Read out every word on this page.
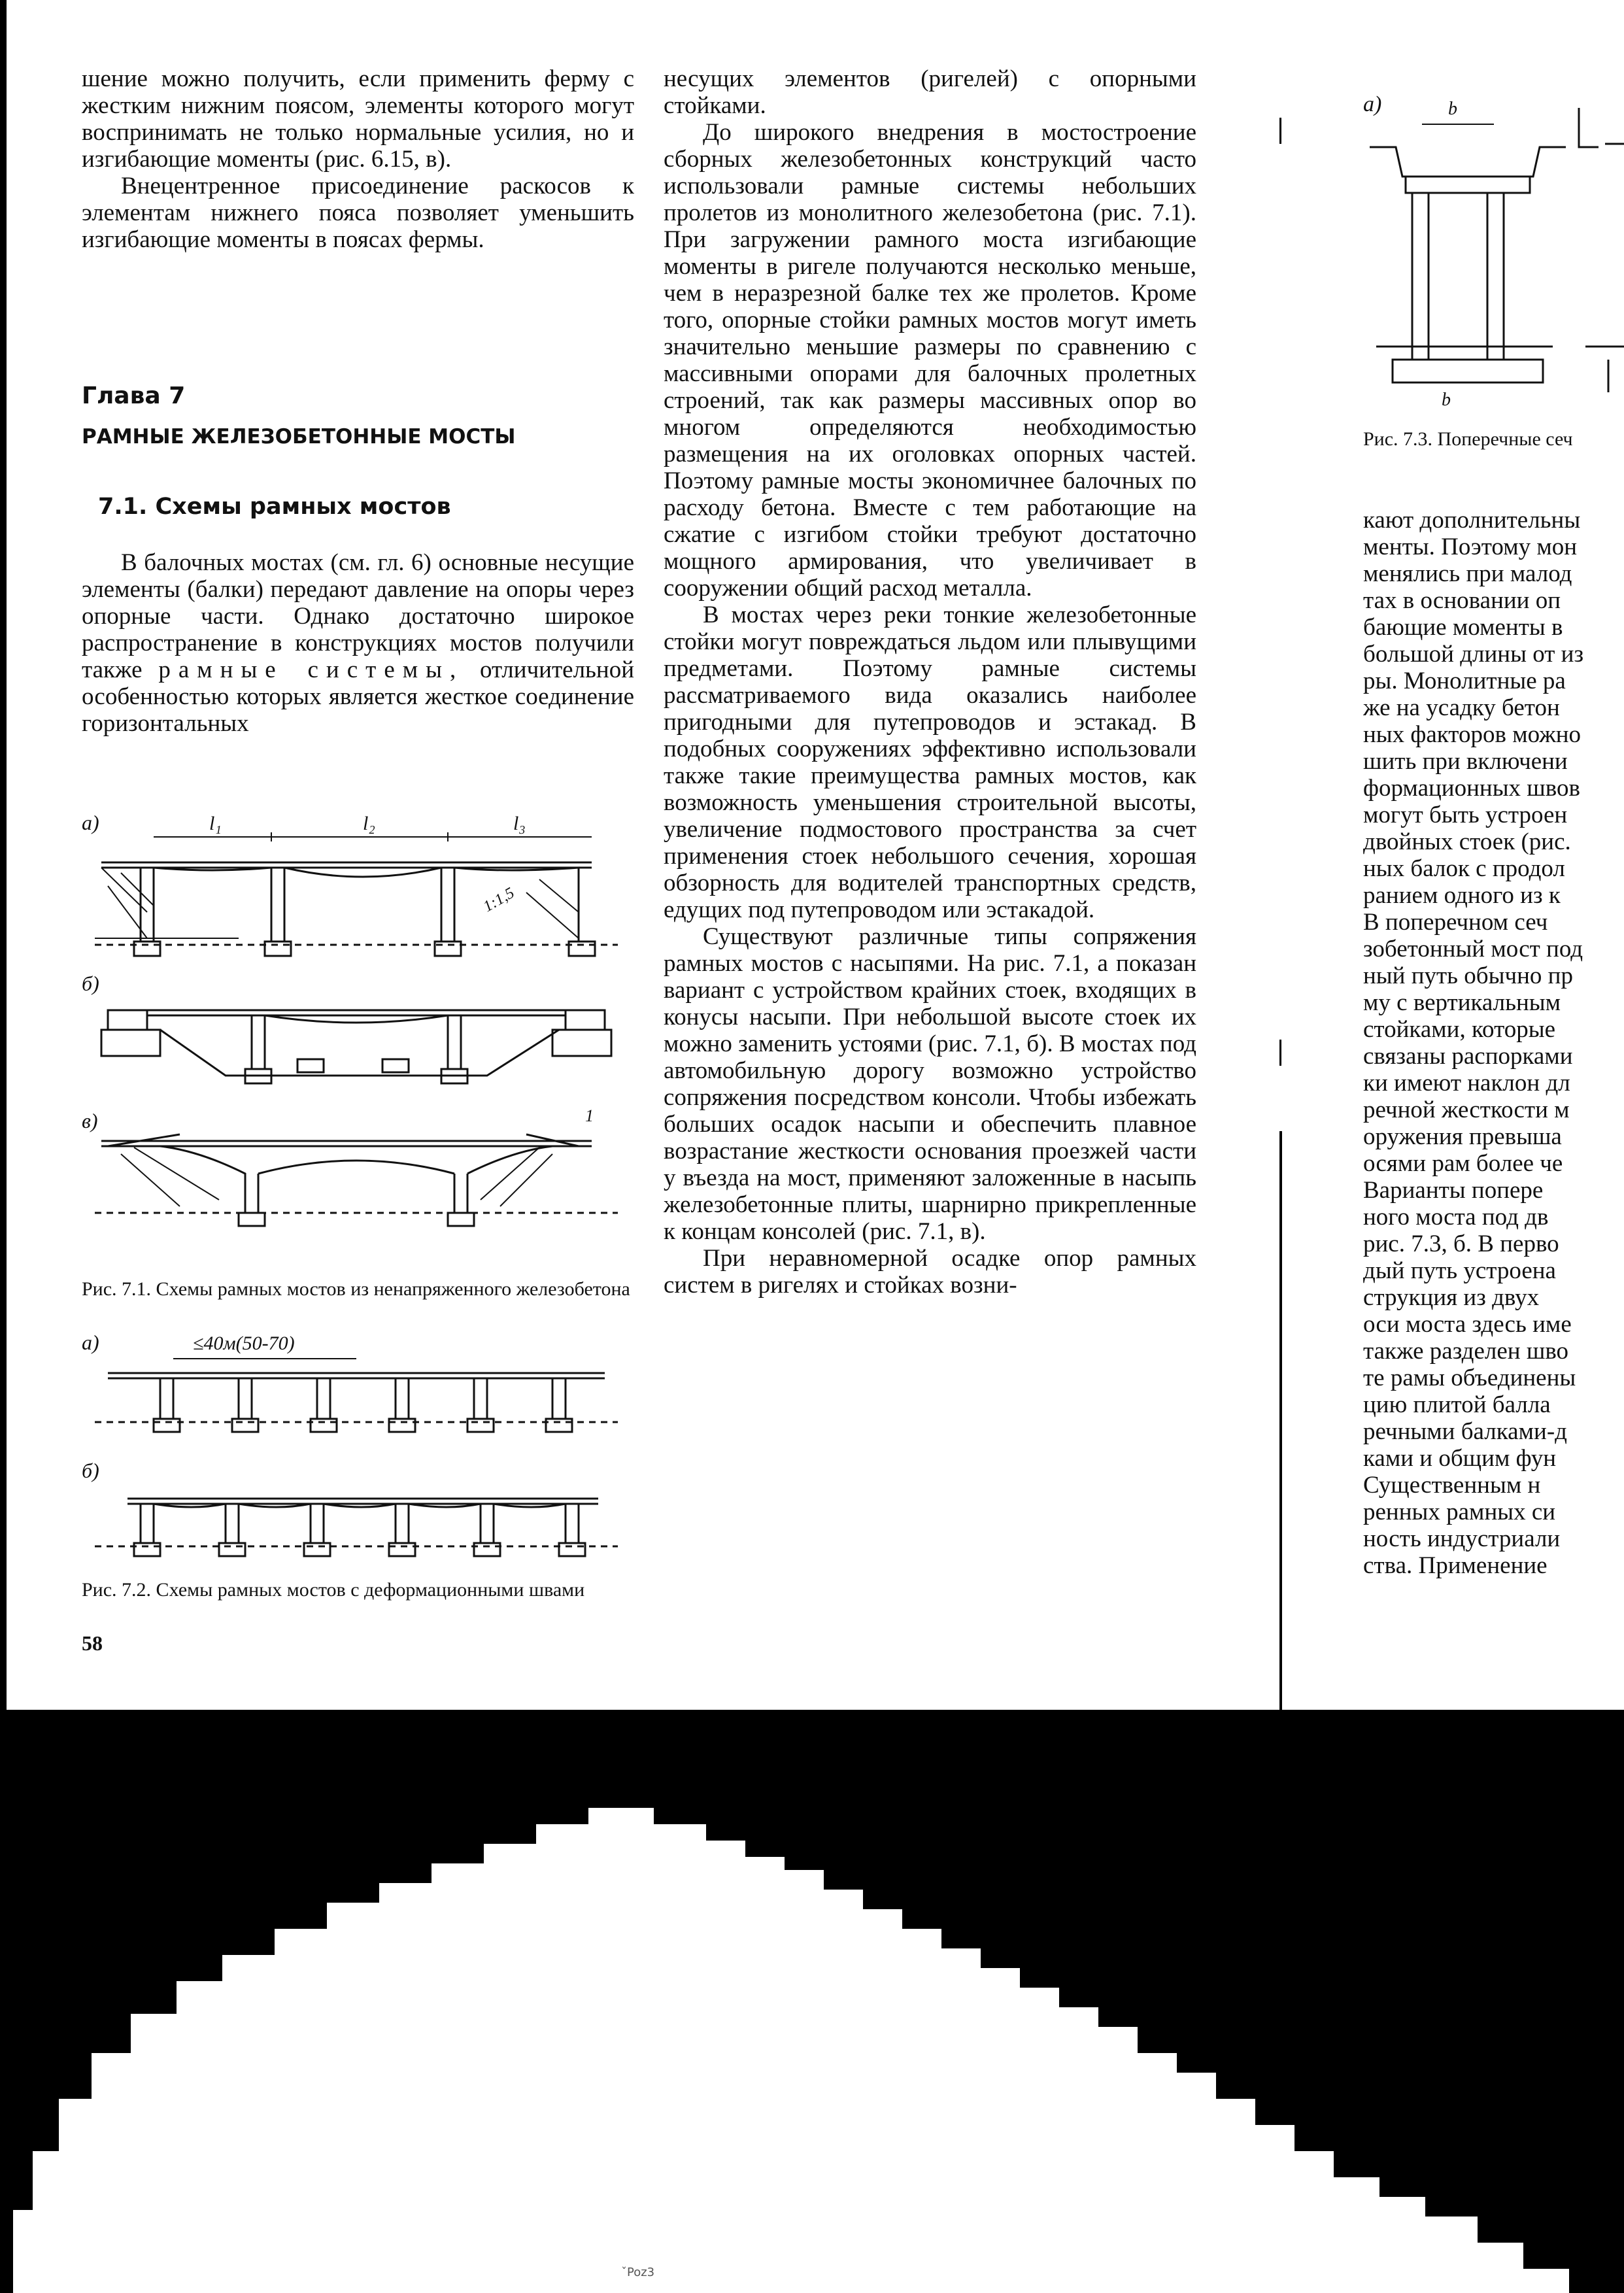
шение можно получить, если применить ферму с жестким нижним поясом, элементы которого могут воспринимать не только нормальные усилия, но и изгибающие моменты (рис. 6.15, в).

Внецентренное присоединение раскосов к элементам нижнего пояса позволяет уменьшить изгибающие моменты в поясах фермы.

Глава 7
РАМНЫЕ ЖЕЛЕЗОБЕТОННЫЕ МОСТЫ
7.1. Схемы рамных мостов

В балочных мостах (см. гл. 6) основные несущие элементы (балки) передают давление на опоры через опорные части. Однако достаточно широкое распространение в конструкциях мостов получили также рамные системы, отличительной особенностью которых является жесткое соединение горизонтальных

а)	l₁	l₂	l₃
1:1,5
б)
в)	1
Рис. 7.1. Схемы рамных мостов из ненапряженного железобетона
а)	≤40м(50-70)
б)
Рис. 7.2. Схемы рамных мостов с деформационными швами
58

несущих элементов (ригелей) с опорными стойками.

До широкого внедрения в мостостроение сборных железобетонных конструкций часто использовали рамные системы небольших пролетов из монолитного железобетона (рис. 7.1). При загружении рамного моста изгибающие моменты в ригеле получаются несколько меньше, чем в неразрезной балке тех же пролетов. Кроме того, опорные стойки рамных мостов могут иметь значительно меньшие размеры по сравнению с массивными опорами для балочных пролетных строений, так как размеры массивных опор во многом определяются необходимостью размещения на их оголовках опорных частей. Поэтому рамные мосты экономичнее балочных по расходу бетона. Вместе с тем работающие на сжатие с изгибом стойки требуют достаточно мощного армирования, что увеличивает в сооружении общий расход металла.

В мостах через реки тонкие железобетонные стойки могут повреждаться льдом или плывущими предметами. Поэтому рамные системы рассматриваемого вида оказались наиболее пригодными для путепроводов и эстакад. В подобных сооружениях эффективно использовали также такие преимущества рамных мостов, как возможность уменьшения строительной высоты, увеличение подмостового пространства за счет применения стоек небольшого сечения, хорошая обзорность для водителей транспортных средств, едущих под путепроводом или эстакадой.

Существуют различные типы сопряжения рамных мостов с насыпями. На рис. 7.1, а показан вариант с устройством крайних стоек, входящих в конусы насыпи. При небольшой высоте стоек их можно заменить устоями (рис. 7.1, б). В мостах под автомобильную дорогу возможно устройство сопряжения посредством консоли. Чтобы избежать больших осадок насыпи и обеспечить плавное возрастание жесткости основания проезжей части у въезда на мост, применяют заложенные в насыпь железобетонные плиты, шарнирно прикрепленные к концам консолей (рис. 7.1, в).

При неравномерной осадке опор рамных систем в ригелях и стойках возни-

а)	b
b
Рис. 7.3. Поперечные сеч
кают дополнительны
менты. Поэтому мон
менялись при малод
тах в основании оп
бающие моменты в
большой длины от из
ры. Монолитные ра
же на усадку бетон
ных факторов можно
шить при включени
формационных швов
могут быть устроен
двойных стоек (рис.
ных балок с продол
ранием одного из к
В поперечном сеч
зобетонный мост под
ный путь обычно пр
му с вертикальным
стойками, которые
связаны распорками
ки имеют наклон дл
речной жесткости м
оружения превыша
осями рам более че
Варианты попере
ного моста под дв
рис. 7.3, б. В перво
дый путь устроена
струкция из двух
оси моста здесь име
также разделен шво
те рамы объединены
цию плитой балла
речными балками-д
ками и общим фун
Существенным н
ренных рамных си
ность индустриали
ства. Применение
ˇPoz3
